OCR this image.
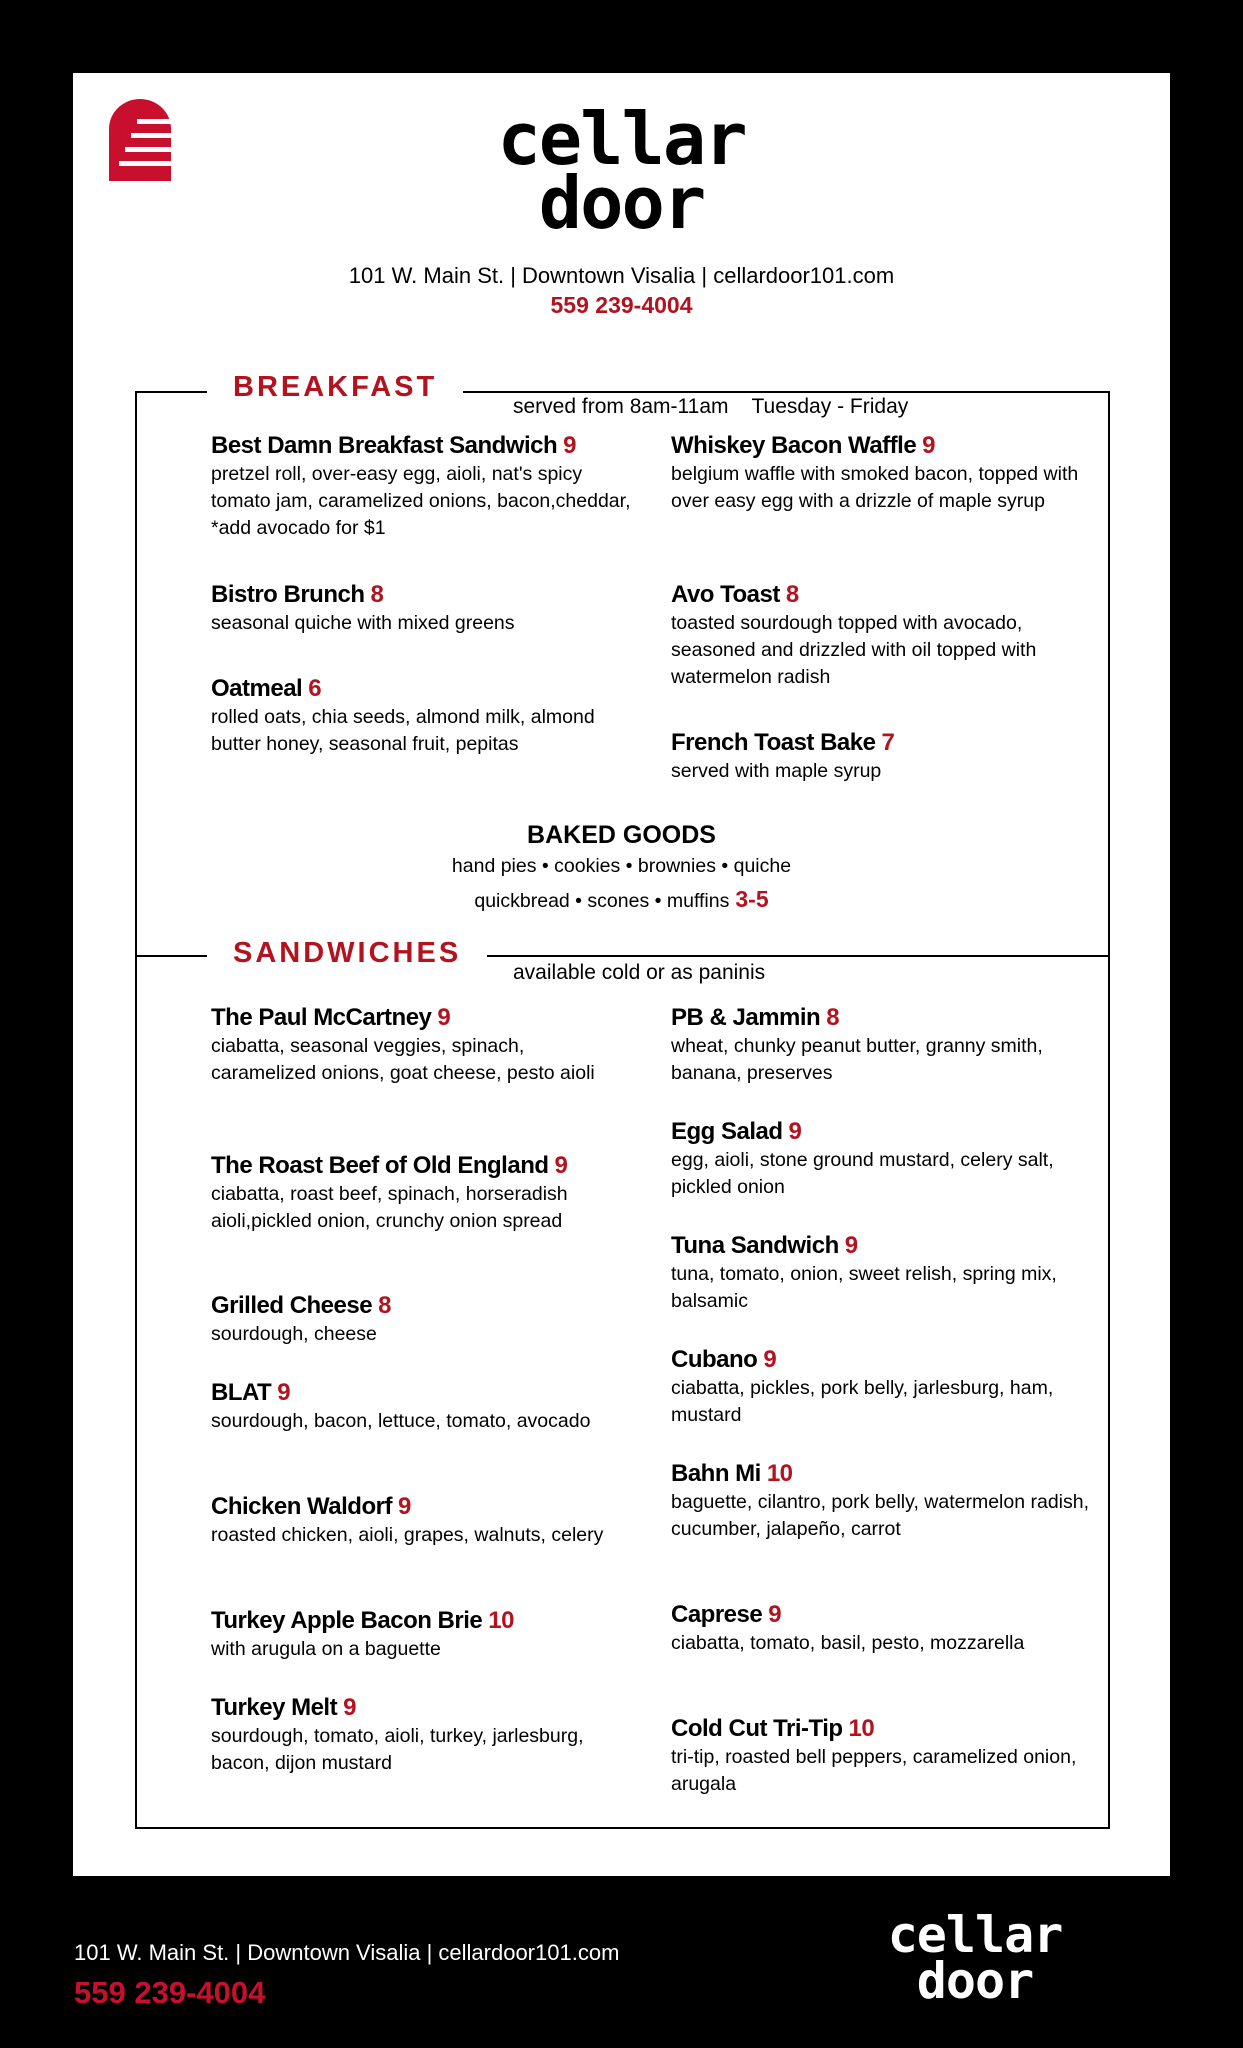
cellar
door
101 W. Main St. | Downtown Visalia | cellardoor101.com
559 239-4004
BREAKFAST
served from 8am-11am    Tuesday - Friday
Best Damn Breakfast Sandwich 9
pretzel roll, over-easy egg, aioli, nat's spicy tomato jam, caramelized onions, bacon,cheddar, *add avocado for $1
Bistro Brunch 8
seasonal quiche with mixed greens
Oatmeal 6
rolled oats, chia seeds, almond milk, almond butter honey, seasonal fruit, pepitas
Whiskey Bacon Waffle 9
belgium waffle with smoked bacon, topped with over easy egg with a drizzle of maple syrup
Avo Toast 8
toasted sourdough topped with avocado, seasoned and drizzled with oil topped with watermelon radish
French Toast Bake 7
served with maple syrup
BAKED GOODS
hand pies • cookies • brownies • quiche
quickbread • scones • muffins 3-5
SANDWICHES
available cold or as paninis
The Paul McCartney 9
ciabatta, seasonal veggies, spinach, caramelized onions, goat cheese, pesto aioli
The Roast Beef of Old England 9
ciabatta, roast beef, spinach, horseradish aioli,pickled onion, crunchy onion spread
Grilled Cheese 8
sourdough, cheese
BLAT 9
sourdough, bacon, lettuce, tomato, avocado
Chicken Waldorf 9
roasted chicken, aioli, grapes, walnuts, celery
Turkey Apple Bacon Brie 10
with arugula on a baguette
Turkey Melt 9
sourdough, tomato, aioli, turkey, jarlesburg, bacon, dijon mustard
PB & Jammin 8
wheat, chunky peanut butter, granny smith, banana, preserves
Egg Salad 9
egg, aioli, stone ground mustard, celery salt, pickled onion
Tuna Sandwich 9
tuna, tomato, onion, sweet relish, spring mix, balsamic
Cubano 9
ciabatta, pickles, pork belly, jarlesburg, ham, mustard
Bahn Mi 10
baguette, cilantro, pork belly, watermelon radish, cucumber, jalapeño, carrot
Caprese 9
ciabatta, tomato, basil, pesto, mozzarella
Cold Cut Tri-Tip 10
tri-tip, roasted bell peppers, caramelized onion, arugala
101 W. Main St. | Downtown Visalia | cellardoor101.com
559 239-4004
cellar
door
